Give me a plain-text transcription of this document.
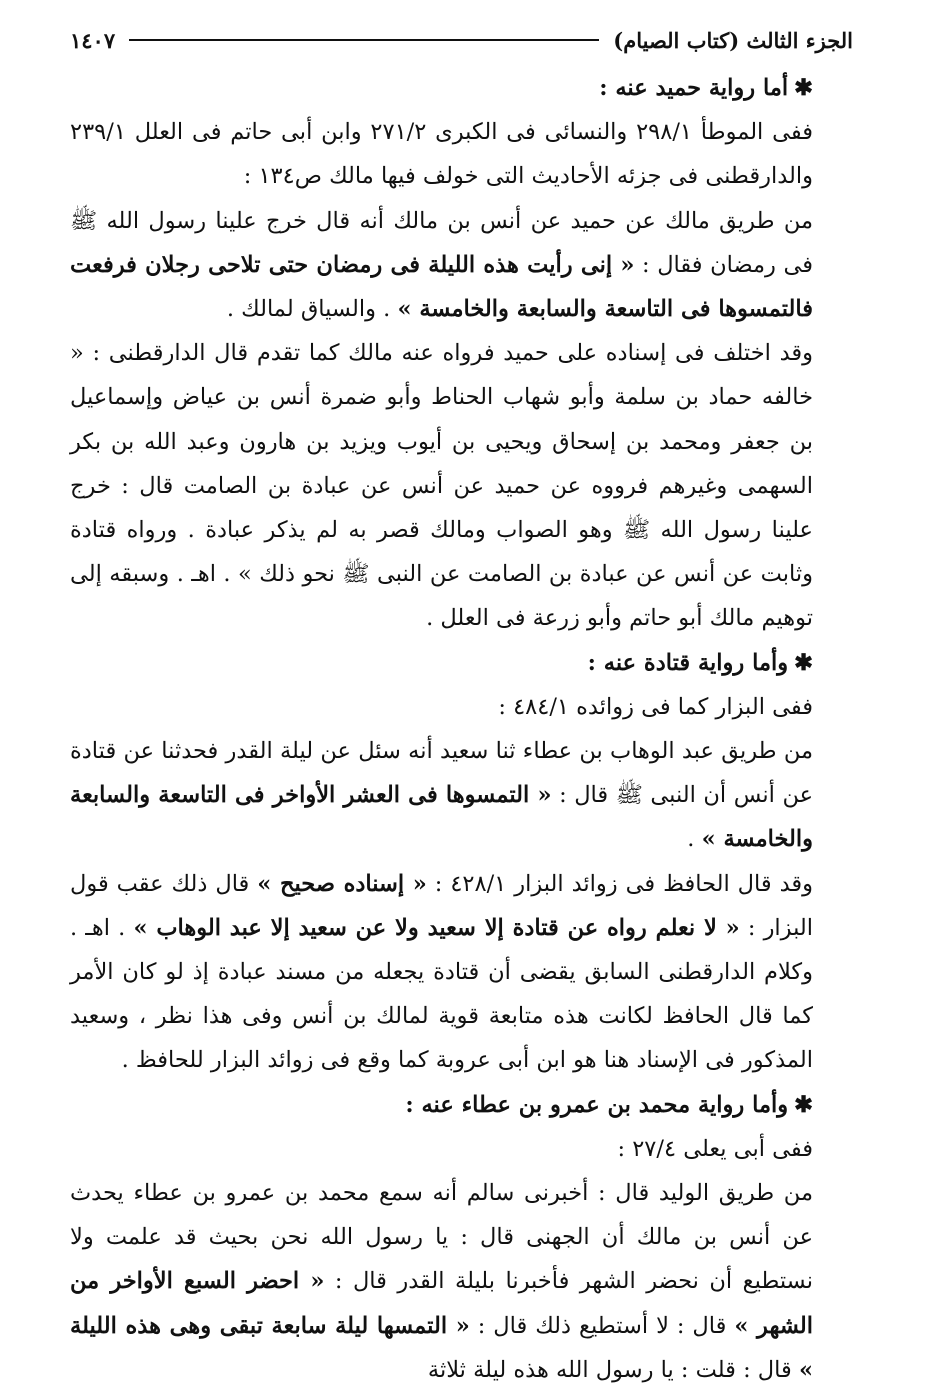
الجزء الثالث (كتاب الصيام)
١٤٠٧

✱أما رواية حميد عنه :

ففى الموطأ ٢٩٨/١ والنسائى فى الكبرى ٢٧١/٢ وابن أبى حاتم فى العلل ٢٣٩/١ والدارقطنى فى جزئه الأحاديث التى خولف فيها مالك ص١٣٤ :

من طريق مالك عن حميد عن أنس بن مالك أنه قال خرج علينا رسول الله ﷺ فى رمضان فقال : « إنى رأيت هذه الليلة فى رمضان حتى تلاحى رجلان فرفعت فالتمسوها فى التاسعة والسابعة والخامسة » . والسياق لمالك .

وقد اختلف فى إسناده على حميد فرواه عنه مالك كما تقدم قال الدارقطنى : « خالفه حماد بن سلمة وأبو شهاب الحناط وأبو ضمرة أنس بن عياض وإسماعيل بن جعفر ومحمد بن إسحاق ويحيى بن أيوب ويزيد بن هارون وعبد الله بن بكر السهمى وغيرهم فرووه عن حميد عن أنس عن عبادة بن الصامت قال : خرج علينا رسول الله ﷺ وهو الصواب ومالك قصر به لم يذكر عبادة . ورواه قتادة وثابت عن أنس عن عبادة بن الصامت عن النبى ﷺ نحو ذلك » . اهـ . وسبقه إلى توهيم مالك أبو حاتم وأبو زرعة فى العلل .

✱وأما رواية قتادة عنه :

ففى البزار كما فى زوائده ٤٨٤/١ :

من طريق عبد الوهاب بن عطاء ثنا سعيد أنه سئل عن ليلة القدر فحدثنا عن قتادة عن أنس أن النبى ﷺ قال : « التمسوها فى العشر الأواخر فى التاسعة والسابعة والخامسة » .

وقد قال الحافظ فى زوائد البزار ٤٢٨/١ : « إسناده صحيح » قال ذلك عقب قول البزار : « لا نعلم رواه عن قتادة إلا سعيد ولا عن سعيد إلا عبد الوهاب » . اهـ . وكلام الدارقطنى السابق يقضى أن قتادة يجعله من مسند عبادة إذ لو كان الأمر كما قال الحافظ لكانت هذه متابعة قوية لمالك بن أنس وفى هذا نظر ، وسعيد المذكور فى الإسناد هنا هو ابن أبى عروبة كما وقع فى زوائد البزار للحافظ .

✱وأما رواية محمد بن عمرو بن عطاء عنه :

ففى أبى يعلى ٢٧/٤ :

من طريق الوليد قال : أخبرنى سالم أنه سمع محمد بن عمرو بن عطاء يحدث عن أنس بن مالك أن الجهنى قال : يا رسول الله نحن بحيث قد علمت ولا نستطيع أن نحضر الشهر فأخبرنا بليلة القدر قال : « احضر السبع الأواخر من الشهر » قال : لا أستطيع ذلك قال : « التمسها ليلة سابعة تبقى وهى هذه الليلة » قال : قلت : يا رسول الله هذه ليلة ثلاثة
